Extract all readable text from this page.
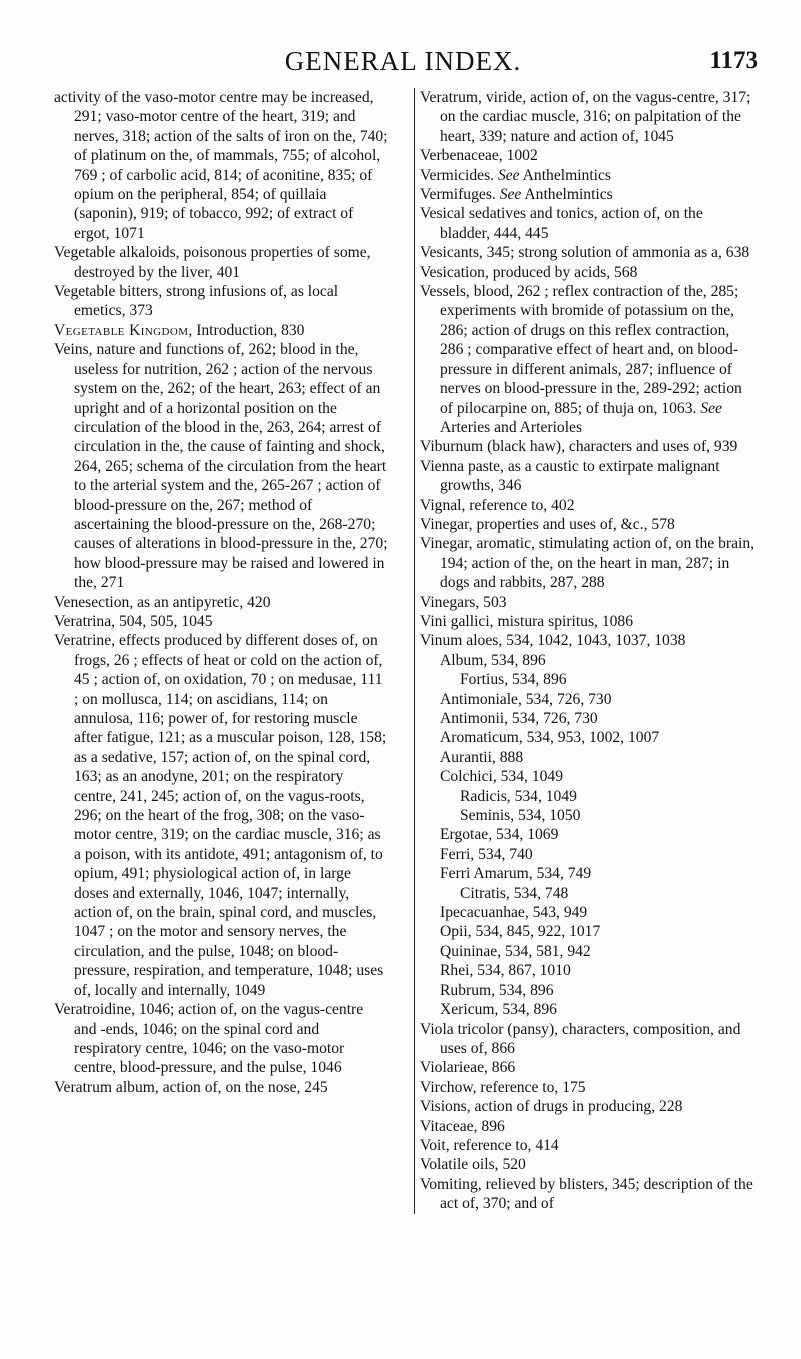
GENERAL INDEX.	1173

activity of the vaso-motor centre may be increased, 291; vaso-motor centre of the heart, 319; and nerves, 318; action of the salts of iron on the, 740; of platinum on the, of mammals, 755; of alcohol, 769 ; of carbolic acid, 814; of aconitine, 835; of opium on the peripheral, 854; of quillaia (saponin), 919; of tobacco, 992; of extract of ergot, 1071

Vegetable alkaloids, poisonous properties of some, destroyed by the liver, 401

Vegetable bitters, strong infusions of, as local emetics, 373

Vegetable Kingdom, Introduction, 830

Veins, nature and functions of, 262; blood in the, useless for nutrition, 262 ; action of the nervous system on the, 262; of the heart, 263; effect of an upright and of a horizontal position on the circulation of the blood in the, 263, 264; arrest of circulation in the, the cause of fainting and shock, 264, 265; schema of the circulation from the heart to the arterial system and the, 265-267 ; action of blood-pressure on the, 267; method of ascertaining the blood-pressure on the, 268-270; causes of alterations in blood-pressure in the, 270; how blood-pressure may be raised and lowered in the, 271

Venesection, as an antipyretic, 420

Veratrina, 504, 505, 1045

Veratrine, effects produced by different doses of, on frogs, 26 ; effects of heat or cold on the action of, 45 ; action of, on oxidation, 70 ; on medusae, 111 ; on mollusca, 114; on ascidians, 114; on annulosa, 116; power of, for restoring muscle after fatigue, 121; as a muscular poison, 128, 158; as a sedative, 157; action of, on the spinal cord, 163; as an anodyne, 201; on the respiratory centre, 241, 245; action of, on the vagus-roots, 296; on the heart of the frog, 308; on the vaso-motor centre, 319; on the cardiac muscle, 316; as a poison, with its antidote, 491; antagonism of, to opium, 491; physiological action of, in large doses and externally, 1046, 1047; internally, action of, on the brain, spinal cord, and muscles, 1047 ; on the motor and sensory nerves, the circulation, and the pulse, 1048; on blood-pressure, respiration, and temperature, 1048; uses of, locally and internally, 1049

Veratroidine, 1046; action of, on the vagus-centre and -ends, 1046; on the spinal cord and respiratory centre, 1046; on the vaso-motor centre, blood-pressure, and the pulse, 1046

Veratrum album, action of, on the nose, 245

Veratrum, viride, action of, on the vagus-centre, 317; on the cardiac muscle, 316; on palpitation of the heart, 339; nature and action of, 1045

Verbenaceae, 1002

Vermicides. See Anthelmintics

Vermifuges. See Anthelmintics

Vesical sedatives and tonics, action of, on the bladder, 444, 445

Vesicants, 345; strong solution of ammonia as a, 638

Vesication, produced by acids, 568

Vessels, blood, 262 ; reflex contraction of the, 285; experiments with bromide of potassium on the, 286; action of drugs on this reflex contraction, 286 ; comparative effect of heart and, on blood-pressure in different animals, 287; influence of nerves on blood-pressure in the, 289-292; action of pilocarpine on, 885; of thuja on, 1063. See Arteries and Arterioles

Viburnum (black haw), characters and uses of, 939

Vienna paste, as a caustic to extirpate malignant growths, 346

Vignal, reference to, 402

Vinegar, properties and uses of, &c., 578

Vinegar, aromatic, stimulating action of, on the brain, 194; action of the, on the heart in man, 287; in dogs and rabbits, 287, 288

Vinegars, 503

Vini gallici, mistura spiritus, 1086

Vinum aloes, 534, 1042, 1043, 1037, 1038

Album, 534, 896

Fortius, 534, 896

Antimoniale, 534, 726, 730

Antimonii, 534, 726, 730

Aromaticum, 534, 953, 1002, 1007

Aurantii, 888

Colchici, 534, 1049

Radicis, 534, 1049

Seminis, 534, 1050

Ergotae, 534, 1069

Ferri, 534, 740

Ferri Amarum, 534, 749

Citratis, 534, 748

Ipecacuanhae, 543, 949

Opii, 534, 845, 922, 1017

Quininae, 534, 581, 942

Rhei, 534, 867, 1010

Rubrum, 534, 896

Xericum, 534, 896

Viola tricolor (pansy), characters, composition, and uses of, 866

Violarieae, 866

Virchow, reference to, 175

Visions, action of drugs in producing, 228

Vitaceae, 896

Voit, reference to, 414

Volatile oils, 520

Vomiting, relieved by blisters, 345; description of the act of, 370; and of
